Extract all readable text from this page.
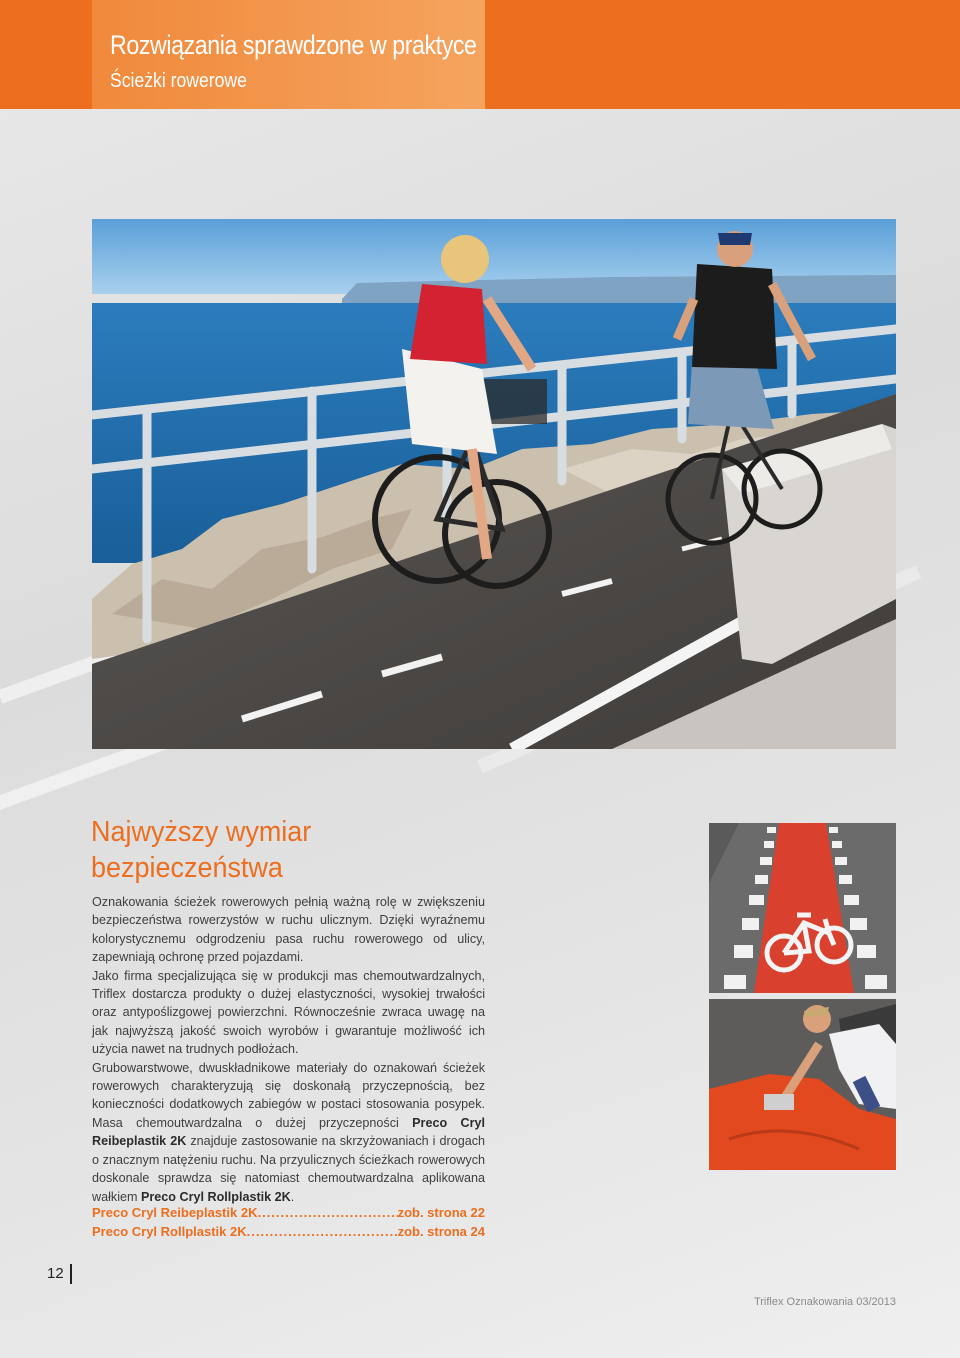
Rozwiązania sprawdzone w praktyce
Ścieżki rowerowe
Najwyższy wymiar
bezpieczeństwa

Oznakowania ścieżek rowerowych pełnią ważną rolę w zwiększeniu bezpieczeństwa rowerzystów w ruchu ulicznym. Dzięki wyraźnemu kolorystycznemu odgrodzeniu pasa ruchu rowerowego od ulicy, zapewniają ochronę przed pojazdami.

Jako firma specjalizująca się w produkcji mas chemoutwardzalnych, Triflex dostarcza produkty o dużej elastyczności, wysokiej trwałości oraz antypoślizgowej powierzchni. Równocześnie zwraca uwagę na jak najwyższą jakość swoich wyrobów i gwarantuje możliwość ich użycia nawet na trudnych podłożach.

Grubowarstwowe, dwuskładnikowe materiały do oznakowań ścieżek rowerowych charakteryzują się doskonałą przyczepnością, bez konieczności dodatkowych zabiegów w postaci stosowania posypek. Masa chemoutwardzalna o dużej przyczepności Preco Cryl Reibeplastik 2K znajduje zastosowanie na skrzyżowaniach i drogach o znacznym natężeniu ruchu. Na przyulicznych ścieżkach rowerowych doskonale sprawdza się natomiast chemoutwardzalna aplikowana wałkiem Preco Cryl Rollplastik 2K.

Preco Cryl Reibeplastik 2K .....	zob. strona 22
Preco Cryl Rollplastik 2K .....	zob. strona 24
12
Triflex Oznakowania 03/2013
